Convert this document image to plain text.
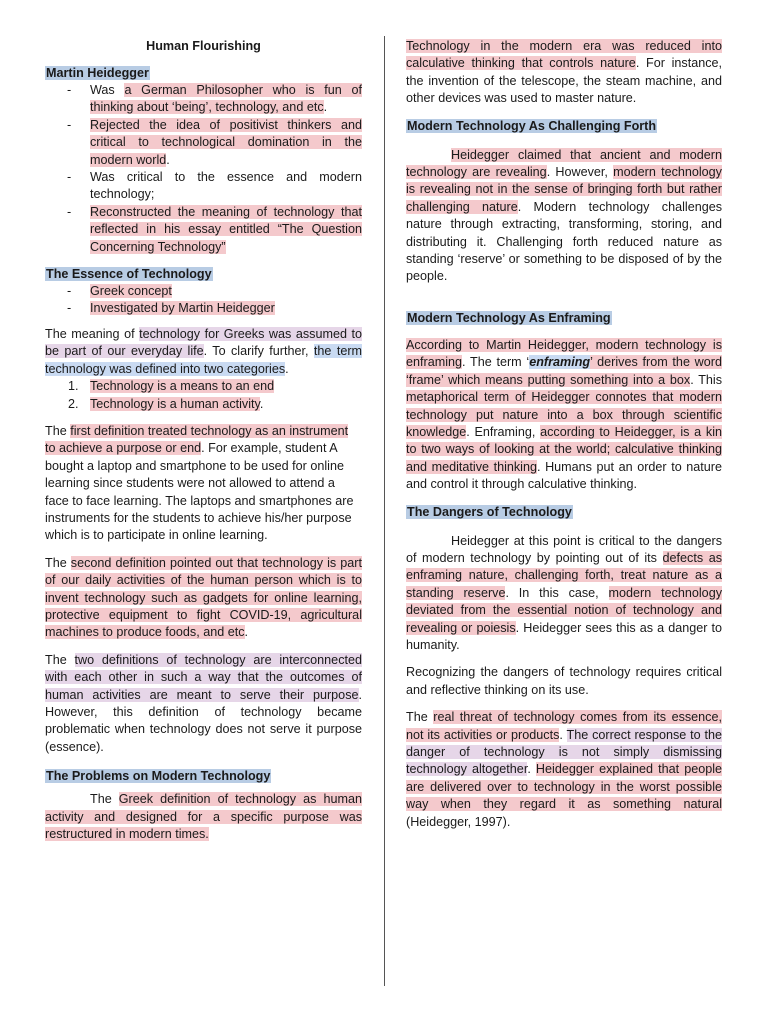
Human Flourishing
Martin Heidegger
- Was a German Philosopher who is fun of thinking about ‘being’, technology, and etc.
- Rejected the idea of positivist thinkers and critical to technological domination in the modern world.
- Was critical to the essence and modern technology;
- Reconstructed the meaning of technology that reflected in his essay entitled “The Question Concerning Technology”
The Essence of Technology
- Greek concept
- Investigated by Martin Heidegger

The meaning of technology for Greeks was assumed to be part of our everyday life. To clarify further, the term technology was defined into two categories.

1. Technology is a means to an end
2. Technology is a human activity.

The first definition treated technology as an instrument to achieve a purpose or end. For example, student A bought a laptop and smartphone to be used for online learning since students were not allowed to attend a face to face learning. The laptops and smartphones are instruments for the students to achieve his/her purpose which is to participate in online learning.

The second definition pointed out that technology is part of our daily activities of the human person which is to invent technology such as gadgets for online learning, protective equipment to fight COVID-19, agricultural machines to produce foods, and etc.

The two definitions of technology are interconnected with each other in such a way that the outcomes of human activities are meant to serve their purpose. However, this definition of technology became problematic when technology does not serve it purpose (essence).

The Problems on Modern Technology

The Greek definition of technology as human activity and designed for a specific purpose was restructured in modern times.

Technology in the modern era was reduced into calculative thinking that controls nature. For instance, the invention of the telescope, the steam machine, and other devices was used to master nature.

Modern Technology As Challenging Forth

Heidegger claimed that ancient and modern technology are revealing. However, modern technology is revealing not in the sense of bringing forth but rather challenging nature. Modern technology challenges nature through extracting, transforming, storing, and distributing it. Challenging forth reduced nature as standing ‘reserve’ or something to be disposed of by the people.

Modern Technology As Enframing

According to Martin Heidegger, modern technology is enframing. The term ‘enframing’ derives from the word ‘frame’ which means putting something into a box. This metaphorical term of Heidegger connotes that modern technology put nature into a box through scientific knowledge. Enframing, according to Heidegger, is a kin to two ways of looking at the world; calculative thinking and meditative thinking. Humans put an order to nature and control it through calculative thinking.

The Dangers of Technology

Heidegger at this point is critical to the dangers of modern technology by pointing out of its defects as enframing nature, challenging forth, treat nature as a standing reserve. In this case, modern technology deviated from the essential notion of technology and revealing or poiesis. Heidegger sees this as a danger to humanity.

Recognizing the dangers of technology requires critical and reflective thinking on its use.

The real threat of technology comes from its essence, not its activities or products. The correct response to the danger of technology is not simply dismissing technology altogether. Heidegger explained that people are delivered over to technology in the worst possible way when they regard it as something natural (Heidegger, 1997).
